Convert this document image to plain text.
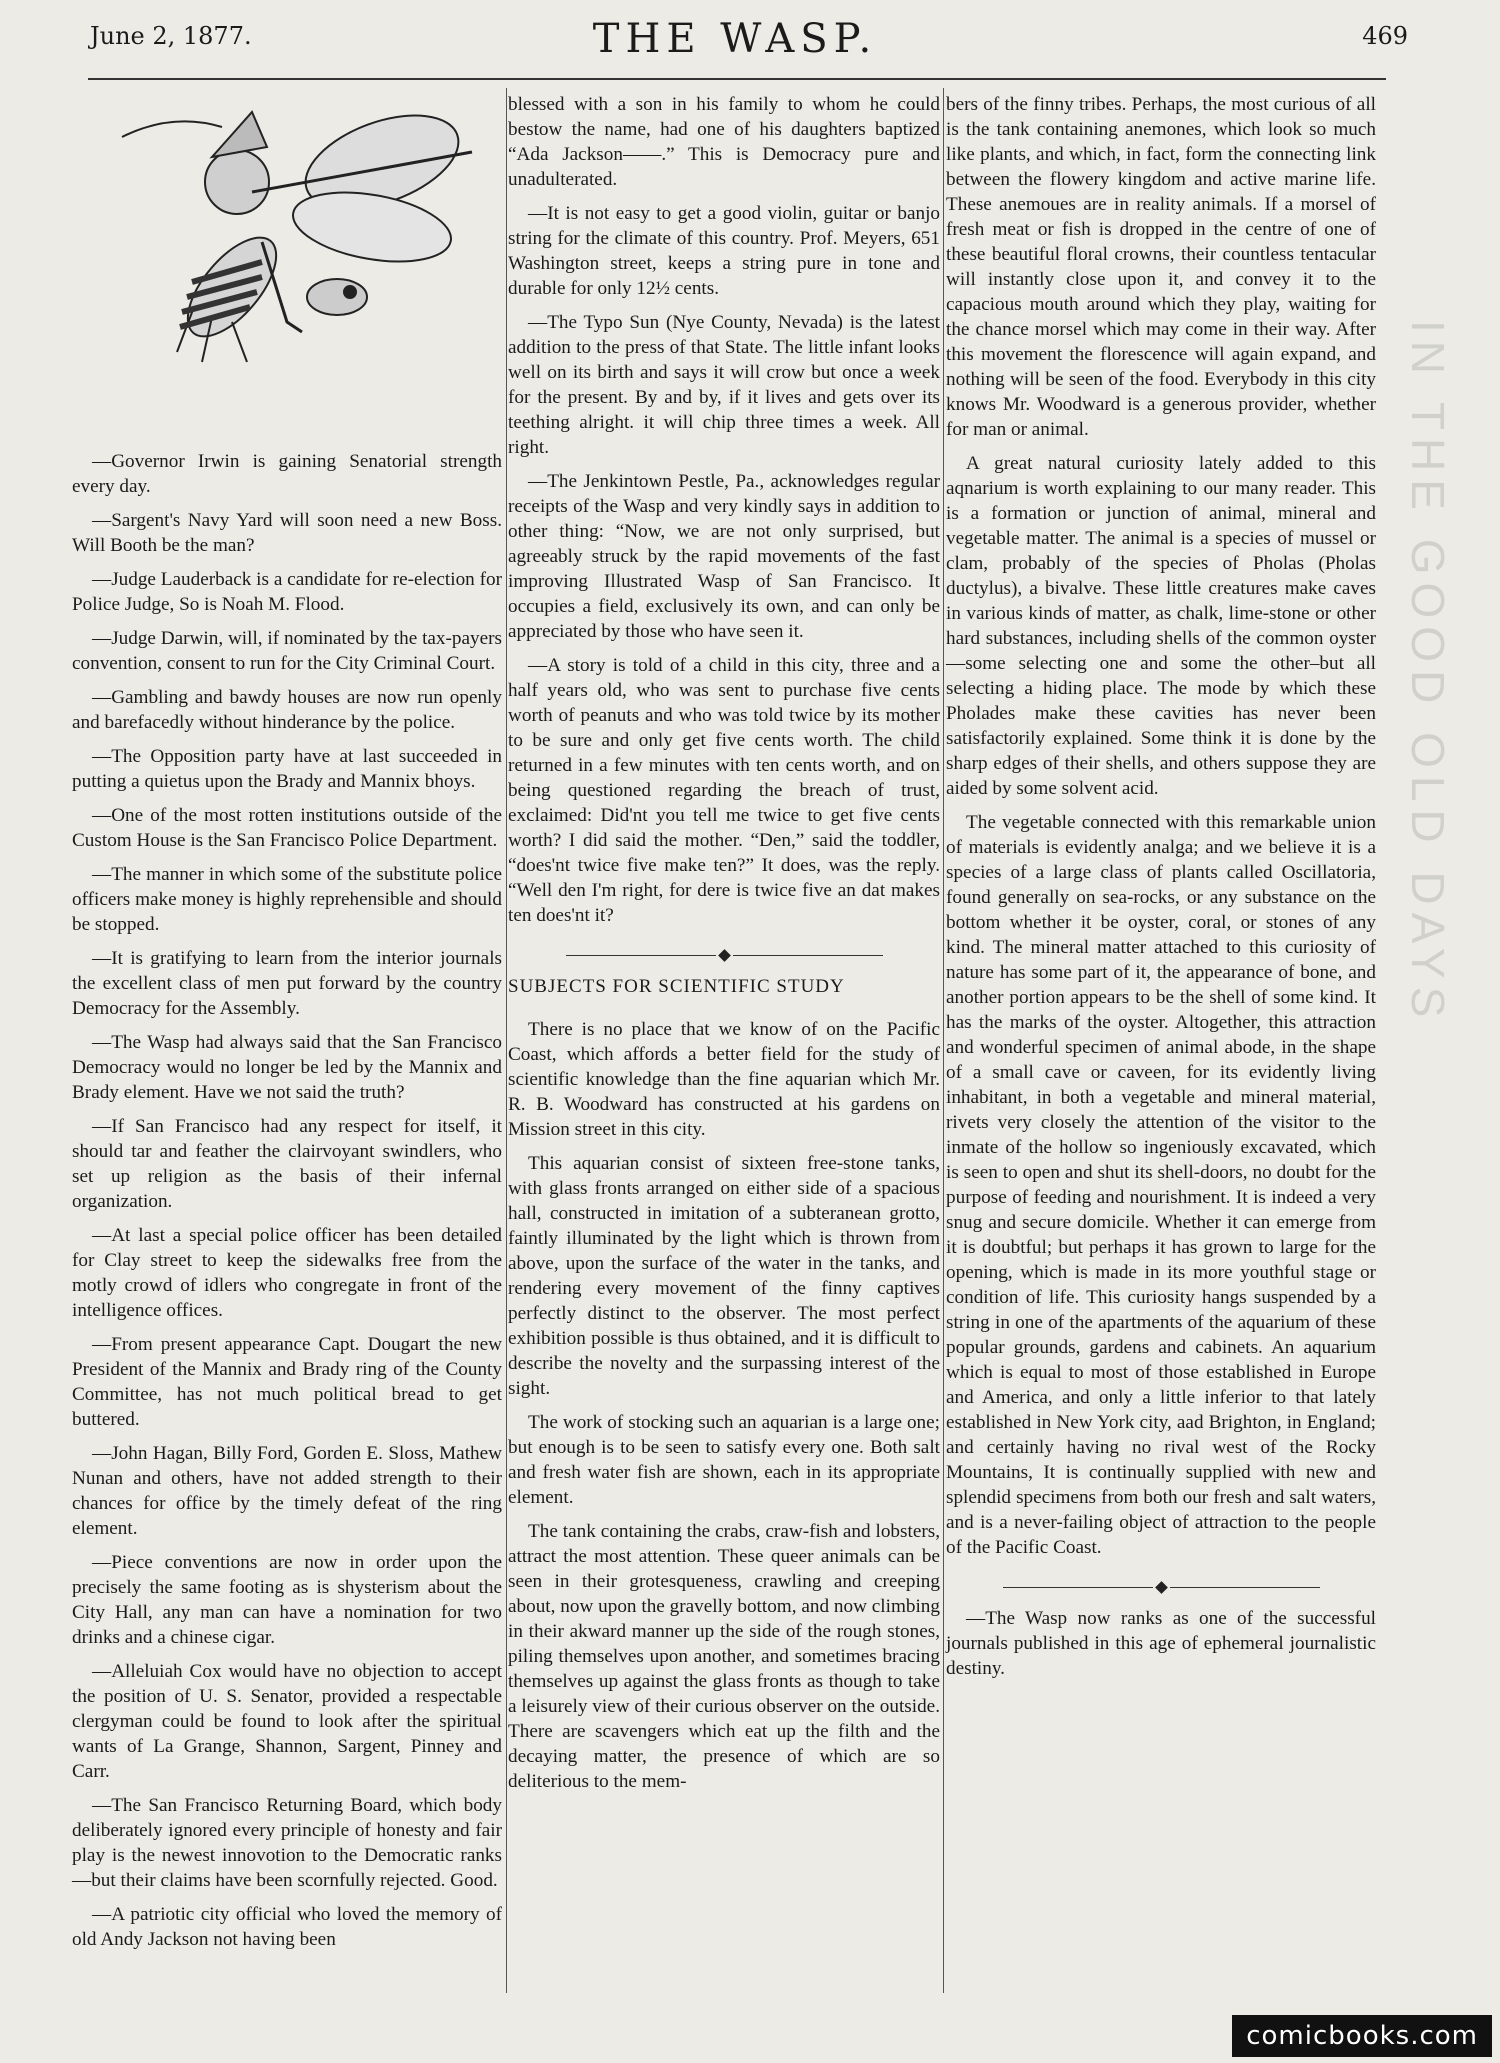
June 2, 1877.	THE WASP.	469
IN THE GOOD OLD DAYS

—Governor Irwin is gaining Senatorial strength every day.

—Sargent's Navy Yard will soon need a new Boss. Will Booth be the man?

—Judge Lauderback is a candidate for re-election for Police Judge, So is Noah M. Flood.

—Judge Darwin, will, if nominated by the tax-payers convention, consent to run for the City Criminal Court.

—Gambling and bawdy houses are now run openly and barefacedly without hinderance by the police.

—The Opposition party have at last succeeded in putting a quietus upon the Brady and Mannix bhoys.

—One of the most rotten institutions outside of the Custom House is the San Francisco Police Department.

—The manner in which some of the substitute police officers make money is highly reprehensible and should be stopped.

—It is gratifying to learn from the interior journals the excellent class of men put forward by the country Democracy for the Assembly.

—The Wasp had always said that the San Francisco Democracy would no longer be led by the Mannix and Brady element. Have we not said the truth?

—If San Francisco had any respect for itself, it should tar and feather the clairvoyant swindlers, who set up religion as the basis of their infernal organization.

—At last a special police officer has been detailed for Clay street to keep the sidewalks free from the motly crowd of idlers who congregate in front of the intelligence offices.

—From present appearance Capt. Dougart the new President of the Mannix and Brady ring of the County Committee, has not much political bread to get buttered.

—John Hagan, Billy Ford, Gorden E. Sloss, Mathew Nunan and others, have not added strength to their chances for office by the timely defeat of the ring element.

—Piece conventions are now in order upon the precisely the same footing as is shysterism about the City Hall, any man can have a nomination for two drinks and a chinese cigar.

—Alleluiah Cox would have no objection to accept the position of U. S. Senator, provided a respectable clergyman could be found to look after the spiritual wants of La Grange, Shannon, Sargent, Pinney and Carr.

—The San Francisco Returning Board, which body deliberately ignored every principle of honesty and fair play is the newest innovotion to the Democratic ranks—but their claims have been scornfully rejected. Good.

—A patriotic city official who loved the memory of old Andy Jackson not having been

blessed with a son in his family to whom he could bestow the name, had one of his daughters baptized “Ada Jackson——.” This is Democracy pure and unadulterated.

—It is not easy to get a good violin, guitar or banjo string for the climate of this country. Prof. Meyers, 651 Washington street, keeps a string pure in tone and durable for only 12½ cents.

—The Typo Sun (Nye County, Nevada) is the latest addition to the press of that State. The little infant looks well on its birth and says it will crow but once a week for the present. By and by, if it lives and gets over its teething alright. it will chip three times a week. All right.

—The Jenkintown Pestle, Pa., acknowledges regular receipts of the Wasp and very kindly says in addition to other thing: “Now, we are not only surprised, but agreeably struck by the rapid movements of the fast improving Illustrated Wasp of San Francisco. It occupies a field, exclusively its own, and can only be appreciated by those who have seen it.

—A story is told of a child in this city, three and a half years old, who was sent to purchase five cents worth of peanuts and who was told twice by its mother to be sure and only get five cents worth. The child returned in a few minutes with ten cents worth, and on being questioned regarding the breach of trust, exclaimed: Did'nt you tell me twice to get five cents worth? I did said the mother. “Den,” said the toddler, “does'nt twice five make ten?” It does, was the reply. “Well den I'm right, for dere is twice five an dat makes ten does'nt it?

SUBJECTS FOR SCIENTIFIC STUDY

There is no place that we know of on the Pacific Coast, which affords a better field for the study of scientific knowledge than the fine aquarian which Mr. R. B. Woodward has constructed at his gardens on Mission street in this city.

This aquarian consist of sixteen free-stone tanks, with glass fronts arranged on either side of a spacious hall, constructed in imitation of a subteranean grotto, faintly illuminated by the light which is thrown from above, upon the surface of the water in the tanks, and rendering every movement of the finny captives perfectly distinct to the observer. The most perfect exhibition possible is thus obtained, and it is difficult to describe the novelty and the surpassing interest of the sight.

The work of stocking such an aquarian is a large one; but enough is to be seen to satisfy every one. Both salt and fresh water fish are shown, each in its appropriate element.

The tank containing the crabs, craw-fish and lobsters, attract the most attention. These queer animals can be seen in their grotesqueness, crawling and creeping about, now upon the gravelly bottom, and now climbing in their akward manner up the side of the rough stones, piling themselves upon another, and sometimes bracing themselves up against the glass fronts as though to take a leisurely view of their curious observer on the outside. There are scavengers which eat up the filth and the decaying matter, the presence of which are so deliterious to the mem-

bers of the finny tribes. Perhaps, the most curious of all is the tank containing anemones, which look so much like plants, and which, in fact, form the connecting link between the flowery kingdom and active marine life. These anemoues are in reality animals. If a morsel of fresh meat or fish is dropped in the centre of one of these beautiful floral crowns, their countless tentacular will instantly close upon it, and convey it to the capacious mouth around which they play, waiting for the chance morsel which may come in their way. After this movement the florescence will again expand, and nothing will be seen of the food. Everybody in this city knows Mr. Woodward is a generous provider, whether for man or animal.

A great natural curiosity lately added to this aqnarium is worth explaining to our many reader. This is a formation or junction of animal, mineral and vegetable matter. The animal is a species of mussel or clam, probably of the species of Pholas (Pholas ductylus), a bivalve. These little creatures make caves in various kinds of matter, as chalk, lime-stone or other hard substances, including shells of the common oyster—some selecting one and some the other–but all selecting a hiding place. The mode by which these Pholades make these cavities has never been satisfactorily explained. Some think it is done by the sharp edges of their shells, and others suppose they are aided by some solvent acid.

The vegetable connected with this remarkable union of materials is evidently analga; and we believe it is a species of a large class of plants called Oscillatoria, found generally on sea-rocks, or any substance on the bottom whether it be oyster, coral, or stones of any kind. The mineral matter attached to this curiosity of nature has some part of it, the appearance of bone, and another portion appears to be the shell of some kind. It has the marks of the oyster. Altogether, this attraction and wonderful specimen of animal abode, in the shape of a small cave or caveen, for its evidently living inhabitant, in both a vegetable and mineral material, rivets very closely the attention of the visitor to the inmate of the hollow so ingeniously excavated, which is seen to open and shut its shell-doors, no doubt for the purpose of feeding and nourishment. It is indeed a very snug and secure domicile. Whether it can emerge from it is doubtful; but perhaps it has grown to large for the opening, which is made in its more youthful stage or condition of life. This curiosity hangs suspended by a string in one of the apartments of the aquarium of these popular grounds, gardens and cabinets. An aquarium which is equal to most of those established in Europe and America, and only a little inferior to that lately established in New York city, aad Brighton, in England; and certainly having no rival west of the Rocky Mountains, It is continually supplied with new and splendid specimens from both our fresh and salt waters, and is a never-failing object of attraction to the people of the Pacific Coast.

—The Wasp now ranks as one of the successful journals published in this age of ephemeral journalistic destiny.

comicbooks.com
